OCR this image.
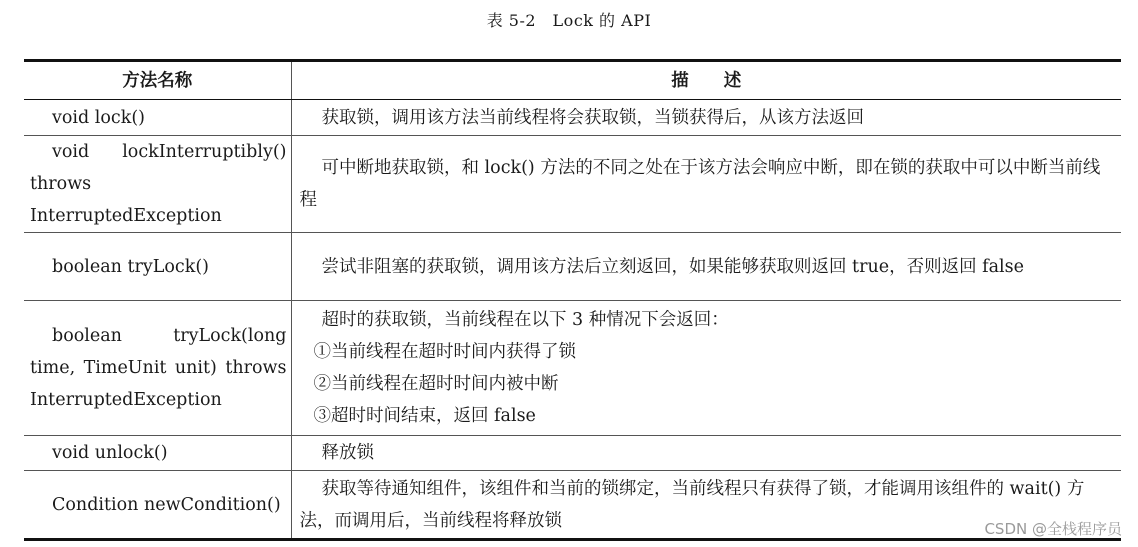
表 5-2　Lock 的 API
方法名称	描　　述
void lock()	获取锁，调用该方法当前线程将会获取锁，当锁获得后，从该方法返回

void lockInterruptibly()
throws InterruptedException	可中断地获取锁，和 lock() 方法的不同之处在于该方法会响应中断，即在锁的获取中可以中断当前线程
boolean tryLock()	尝试非阻塞的获取锁，调用该方法后立刻返回，如果能够获取则返回 true，否则返回 false

boolean tryLock(long
time, TimeUnit unit) throws
InterruptedException	超时的获取锁，当前线程在以下 3 种情况下会返回：
①当前线程在超时时间内获得了锁
②当前线程在超时时间内被中断
③超时时间结束，返回 false

void unlock()	释放锁
Condition newCondition()	获取等待通知组件，该组件和当前的锁绑定，当前线程只有获得了锁，才能调用该组件的 wait() 方法，而调用后，当前线程将释放锁	CSDN @全栈程序员
